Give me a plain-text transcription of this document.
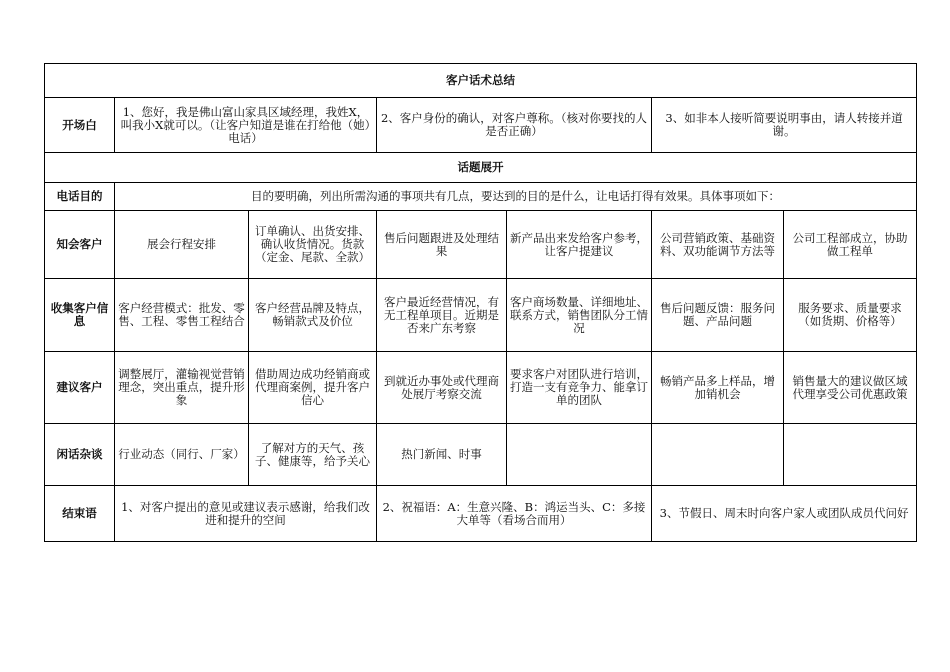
客户话术总结						
开场白	1、您好，我是佛山富山家具区域经理，我姓X，叫我小X就可以。（让客户知道是谁在打给他（她）电话）		2、客户身份的确认，对客户尊称。（核对你要找的人是否正确）		3、如非本人接听简要说明事由，请人转接并道谢。	
话题展开						
电话目的	目的要明确，列出所需沟通的事项共有几点，要达到的目的是什么，让电话打得有效果。具体事项如下：					
知会客户	展会行程安排	订单确认、出货安排、确认收货情况。货款（定金、尾款、全款）	售后问题跟进及处理结果	新产品出来发给客户参考，让客户提建议	公司营销政策、基础资料、双功能调节方法等	公司工程部成立，协助做工程单
收集客户信息	客户经营模式：批发、零售、工程、零售工程结合	客户经营品牌及特点，畅销款式及价位	客户最近经营情况，有无工程单项目。近期是否来广东考察	客户商场数量、详细地址、联系方式，销售团队分工情况	售后问题反馈：服务问题、产品问题	服务要求、质量要求（如货期、价格等）
建议客户	调整展厅，灌输视觉营销理念，突出重点，提升形象	借助周边成功经销商或代理商案例，提升客户信心	到就近办事处或代理商处展厅考察交流	要求客户对团队进行培训，打造一支有竞争力、能拿订单的团队	畅销产品多上样品，增加销机会	销售量大的建议做区域代理享受公司优惠政策
闲话杂谈	行业动态（同行、厂家）	了解对方的天气、孩子、健康等，给予关心	热门新闻、时事			
结束语	1、对客户提出的意见或建议表示感谢，给我们改进和提升的空间		2、祝福语：A：生意兴隆、B：鸿运当头、C：多接大单等（看场合而用）		3、节假日、周末时向客户家人或团队成员代问好	
